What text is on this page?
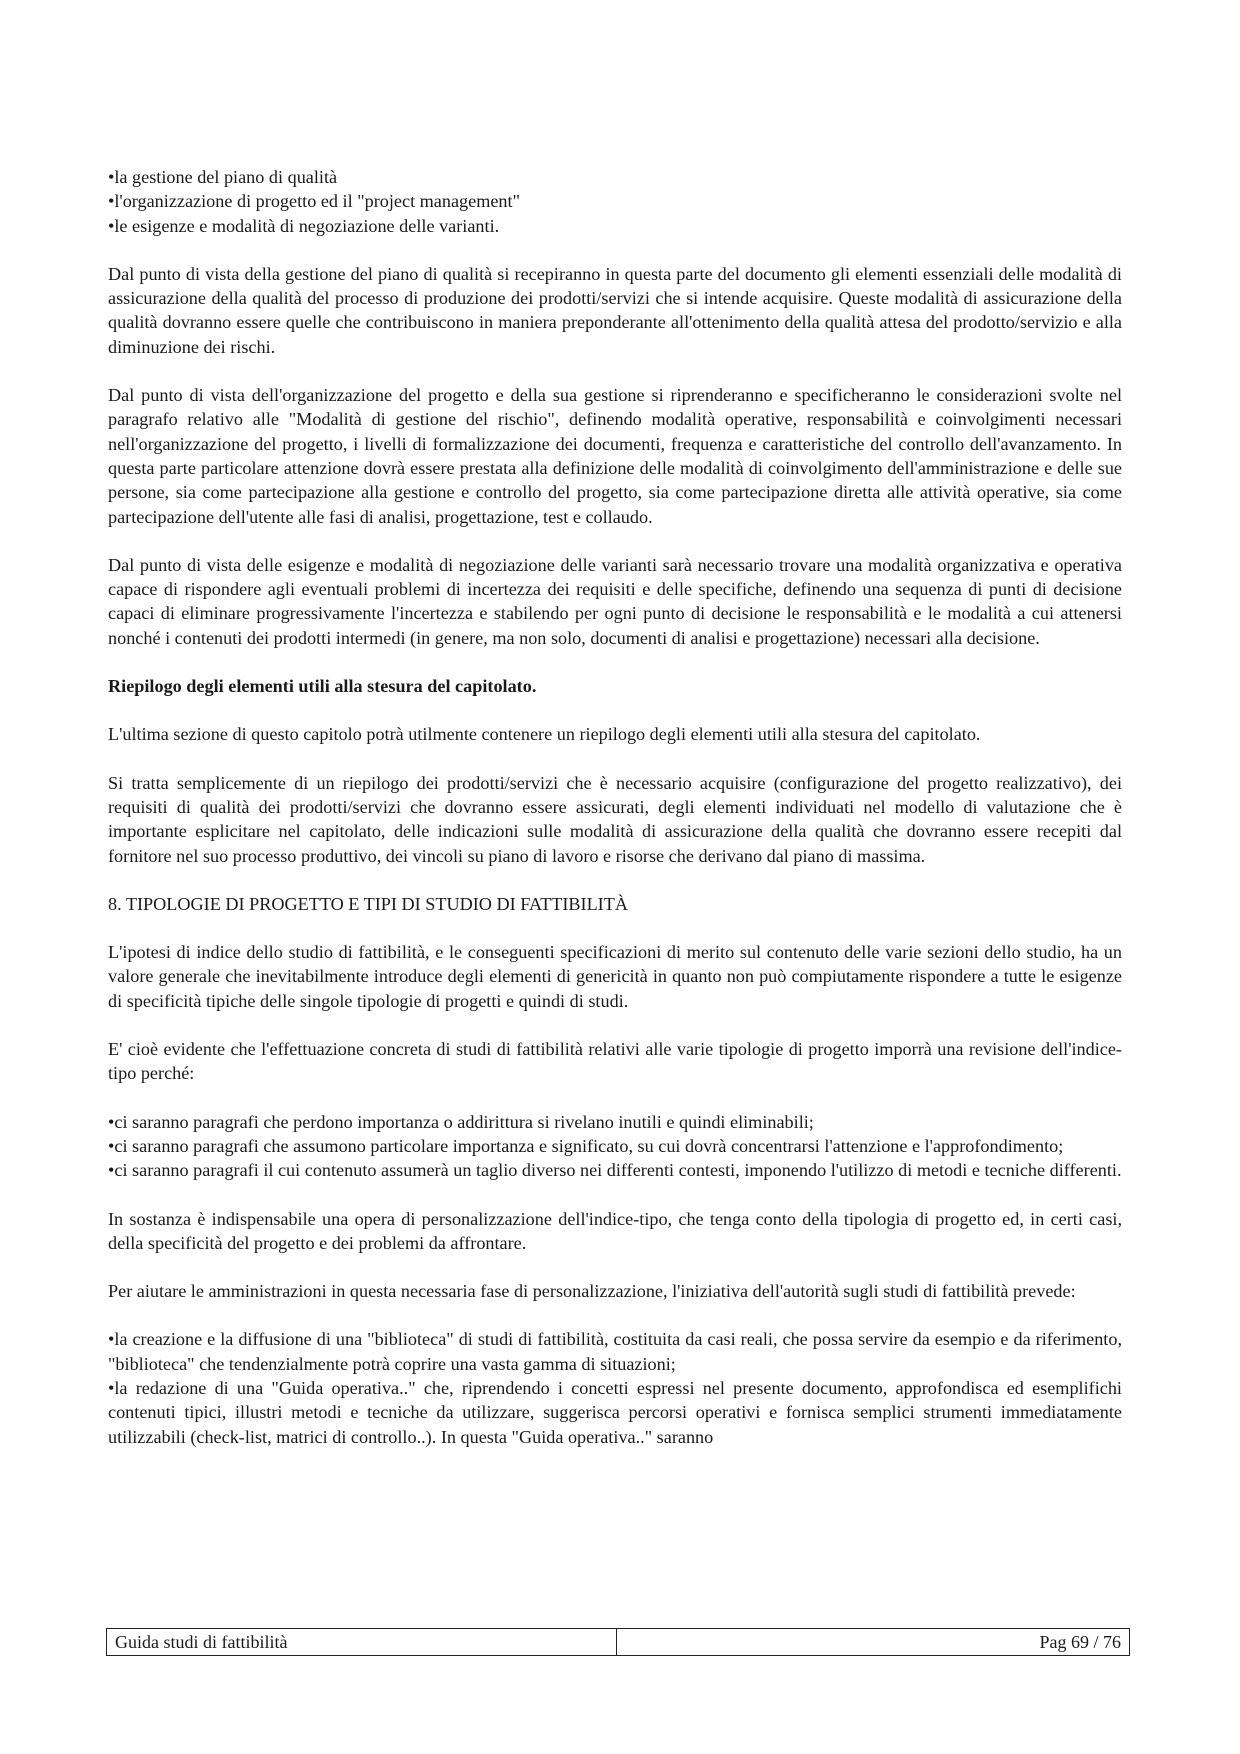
•la gestione del piano di qualità
•l'organizzazione di progetto ed il "project management"
•le esigenze e modalità di negoziazione delle varianti.

Dal punto di vista della gestione del piano di qualità si recepiranno in questa parte del documento gli elementi essenziali delle modalità di assicurazione della qualità del processo di produzione dei prodotti/servizi che si intende acquisire. Queste modalità di assicurazione della qualità dovranno essere quelle che contribuiscono in maniera preponderante all'ottenimento della qualità attesa del prodotto/servizio e alla diminuzione dei rischi.

Dal punto di vista dell'organizzazione del progetto e della sua gestione si riprenderanno e specificheranno le considerazioni svolte nel paragrafo relativo alle "Modalità di gestione del rischio", definendo modalità operative, responsabilità e coinvolgimenti necessari nell'organizzazione del progetto, i livelli di formalizzazione dei documenti, frequenza e caratteristiche del controllo dell'avanzamento. In questa parte particolare attenzione dovrà essere prestata alla definizione delle modalità di coinvolgimento dell'amministrazione e delle sue persone, sia come partecipazione alla gestione e controllo del progetto, sia come partecipazione diretta alle attività operative, sia come partecipazione dell'utente alle fasi di analisi, progettazione, test e collaudo.

Dal punto di vista delle esigenze e modalità di negoziazione delle varianti sarà necessario trovare una modalità organizzativa e operativa capace di rispondere agli eventuali problemi di incertezza dei requisiti e delle specifiche, definendo una sequenza di punti di decisione capaci di eliminare progressivamente l'incertezza e stabilendo per ogni punto di decisione le responsabilità e le modalità a cui attenersi nonché i contenuti dei prodotti intermedi (in genere, ma non solo, documenti di analisi e progettazione) necessari alla decisione.

Riepilogo degli elementi utili alla stesura del capitolato.

L'ultima sezione di questo capitolo potrà utilmente contenere un riepilogo degli elementi utili alla stesura del capitolato.

Si tratta semplicemente di un riepilogo dei prodotti/servizi che è necessario acquisire (configurazione del progetto realizzativo), dei requisiti di qualità dei prodotti/servizi che dovranno essere assicurati, degli elementi individuati nel modello di valutazione che è importante esplicitare nel capitolato, delle indicazioni sulle modalità di assicurazione della qualità che dovranno essere recepiti dal fornitore nel suo processo produttivo, dei vincoli su piano di lavoro e risorse che derivano dal piano di massima.

8. TIPOLOGIE DI PROGETTO E TIPI DI STUDIO DI FATTIBILITÀ

L'ipotesi di indice dello studio di fattibilità, e le conseguenti specificazioni di merito sul contenuto delle varie sezioni dello studio, ha un valore generale che inevitabilmente introduce degli elementi di genericità in quanto non può compiutamente rispondere a tutte le esigenze di specificità tipiche delle singole tipologie di progetti e quindi di studi.

E' cioè evidente che l'effettuazione concreta di studi di fattibilità relativi alle varie tipologie di progetto imporrà una revisione dell'indice-tipo perché:

•ci saranno paragrafi che perdono importanza o addirittura si rivelano inutili e quindi eliminabili;

•ci saranno paragrafi che assumono particolare importanza e significato, su cui dovrà concentrarsi l'attenzione e l'approfondimento;

•ci saranno paragrafi il cui contenuto assumerà un taglio diverso nei differenti contesti, imponendo l'utilizzo di metodi e tecniche differenti.

In sostanza è indispensabile una opera di personalizzazione dell'indice-tipo, che tenga conto della tipologia di progetto ed, in certi casi, della specificità del progetto e dei problemi da affrontare.

Per aiutare le amministrazioni in questa necessaria fase di personalizzazione, l'iniziativa dell'autorità sugli studi di fattibilità prevede:

•la creazione e la diffusione di una "biblioteca" di studi di fattibilità, costituita da casi reali, che possa servire da esempio e da riferimento, "biblioteca" che tendenzialmente potrà coprire una vasta gamma di situazioni;

•la redazione di una "Guida operativa.." che, riprendendo i concetti espressi nel presente documento, approfondisca ed esemplifichi contenuti tipici, illustri metodi e tecniche da utilizzare, suggerisca percorsi operativi e fornisca semplici strumenti immediatamente utilizzabili (check-list, matrici di controllo..). In questa "Guida operativa.." saranno

Guida studi di fattibilità	Pag 69 / 76
